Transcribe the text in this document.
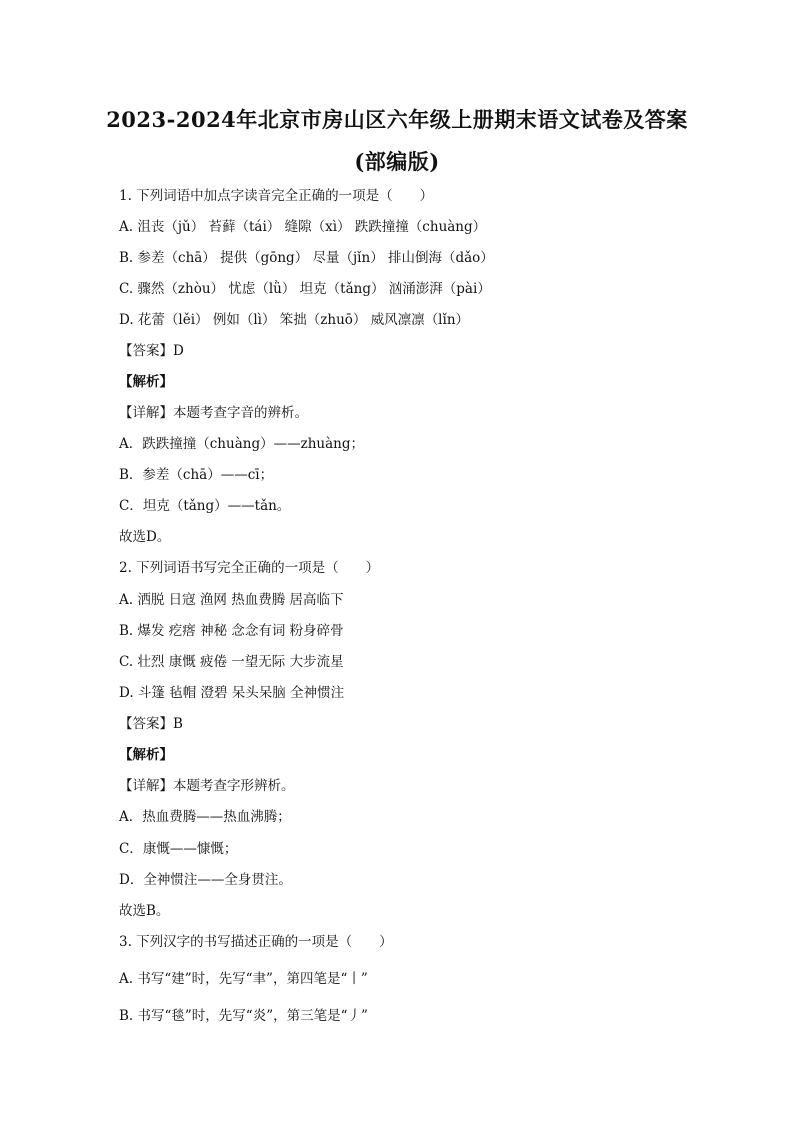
2023-2024年北京市房山区六年级上册期末语文试卷及答案
(部编版)
1. 下列词语中加点字读音完全正确的一项是（　　）
A. 沮丧（jǔ） 苔藓（tái） 缝隙（xì） 跌跌撞撞（chuàng）
B. 参差（chā） 提供（gōng） 尽量（jǐn） 排山倒海（dǎo）
C. 骤然（zhòu） 忧虑（lǜ） 坦克（tǎng） 汹涌澎湃（pài）
D. 花蕾（lěi） 例如（lì） 笨拙（zhuō） 威风凛凛（lǐn）
【答案】D
【解析】
【详解】本题考查字音的辨析。
A．跌跌撞撞（chuàng）——zhuàng；
B．参差（chā）——cī；
C．坦克（tǎng）——tǎn。
故选D。
2. 下列词语书写完全正确的一项是（　　）
A. 洒脱 日寇 渔网 热血费腾 居高临下
B. 爆发 疙瘩 神秘 念念有词 粉身碎骨
C. 壮烈 康慨 疲倦 一望无际 大步流星
D. 斗篷 毡帽 澄碧 呆头呆脑 全神惯注
【答案】B
【解析】
【详解】本题考查字形辨析。
A．热血费腾——热血沸腾；
C．康慨——慷慨；
D．全神惯注——全身贯注。
故选B。
3. 下列汉字的书写描述正确的一项是（　　）
A. 书写“建”时，先写“聿”，第四笔是“丨”
B. 书写“毯”时，先写“炎”，第三笔是“丿”
